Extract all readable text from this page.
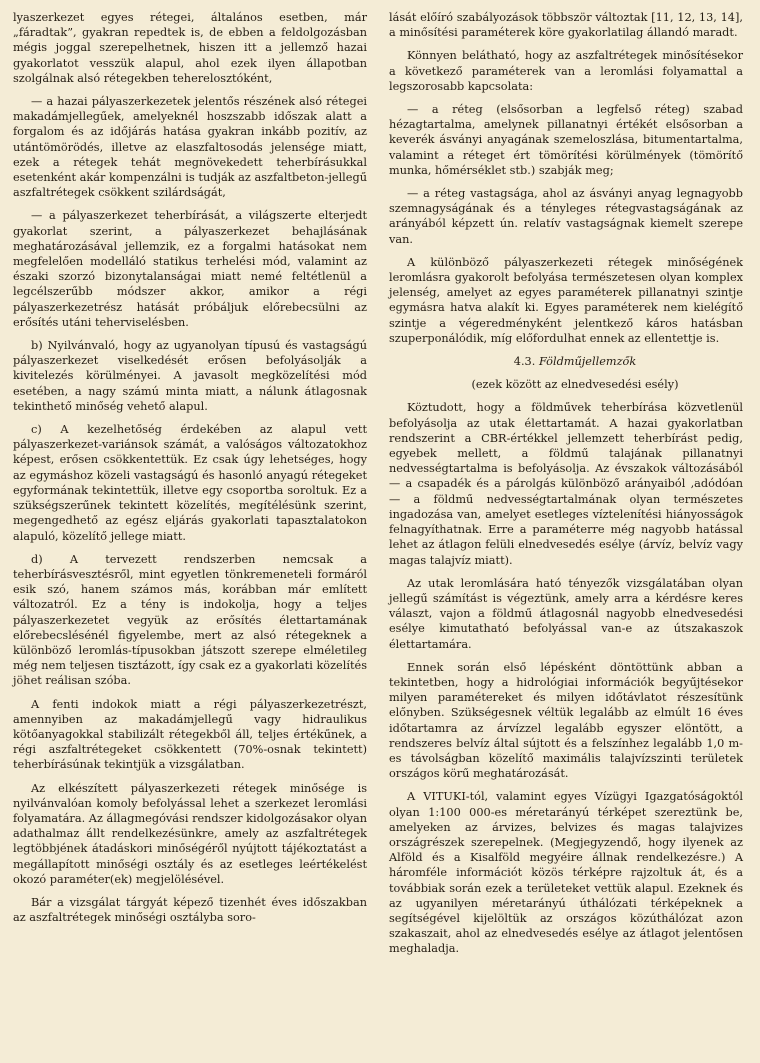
lyaszerkezet egyes rétegei, általános esetben, már „fáradtak”, gyakran repedtek is, de ebben a feldolgozásban mégis joggal szerepelhetnek, hiszen itt a jellemző hazai gyakorlatot vesszük alapul, ahol ezek ilyen állapotban szolgálnak alsó rétegekben teherelosztóként,

— a hazai pályaszerkezetek jelentős részének alsó rétegei makadámjellegűek, amelyeknél hoszszabb időszak alatt a forgalom és az időjárás hatása gyakran inkább pozitív, az utántömörödés, illetve az elaszfaltosodás jelensége miatt, ezek a rétegek tehát megnövekedett teherbírásukkal esetenként akár kompenzálni is tudják az aszfaltbeton-jellegű aszfaltrétegek csökkent szilárdságát,

— a pályaszerkezet teherbírását, a világszerte elterjedt gyakorlat szerint, a pályaszerkezet behajlásának meghatározásával jellemzik, ez a forgalmi hatásokat nem megfelelően modelláló statikus terhelési mód, valamint az északi szorzó bizonytalanságai miatt nemé feltétlenül a legcélszerűbb módszer akkor, amikor a régi pályaszerkezetrész hatását próbáljuk előrebecsülni az erősítés utáni teherviselésben.

b) Nyilvánvaló, hogy az ugyanolyan típusú és vastagságú pályaszerkezet viselkedését erősen befolyásolják a kivitelezés körülményei. A javasolt megközelítési mód esetében, a nagy számú minta miatt, a nálunk átlagosnak tekinthető minőség vehető alapul.

c) A kezelhetőség érdekében az alapul vett pályaszerkezet-variánsok számát, a valóságos változatokhoz képest, erősen csökkentettük. Ez csak úgy lehetséges, hogy az egymáshoz közeli vastagságú és hasonló anyagú rétegeket egyformának tekintettük, illetve egy csoportba soroltuk. Ez a szükségszerűnek tekintett közelítés, megítélésünk szerint, megengedhető az egész eljárás gyakorlati tapasztalatokon alapuló, közelítő jellege miatt.

d) A tervezett rendszerben nemcsak a teherbírásvesztésről, mint egyetlen tönkremeneteli formáról esik szó, hanem számos más, korábban már említett változatról. Ez a tény is indokolja, hogy a teljes pályaszerkezetet vegyük az erősítés élettartamának előrebecslésénél figyelembe, mert az alsó rétegeknek a különböző leromlás-típusokban játszott szerepe elméletileg még nem teljesen tisztázott, így csak ez a gyakorlati közelítés jöhet reálisan szóba.

A fenti indokok miatt a régi pályaszerkezetrészt, amennyiben az makadámjellegű vagy hidraulikus kötőanyagokkal stabilizált rétegekből áll, teljes értékűnek, a régi aszfaltrétegeket csökkentett (70%-osnak tekintett) teherbírásúnak tekintjük a vizsgálatban.

Az elkészített pályaszerkezeti rétegek minősége is nyilvánvalóan komoly befolyással lehet a szerkezet leromlási folyamatára. Az állagmegóvási rendszer kidolgozásakor olyan adathalmaz állt rendelkezésünkre, amely az aszfaltrétegek legtöbbjének átadáskori minőségéről nyújtott tájékoztatást a megállapított minőségi osztály és az esetleges leértékelést okozó paraméter(ek) megjelölésével.

Bár a vizsgálat tárgyát képező tizenhét éves időszakban az aszfaltrétegek minőségi osztályba soro-

lását előíró szabályozások többször változtak [11, 12, 13, 14], a minősítési paraméterek köre gyakorlatilag állandó maradt.

Könnyen belátható, hogy az aszfaltrétegek minősítésekor a következő paraméterek van a leromlási folyamattal a legszorosabb kapcsolata:

— a réteg (elsősorban a legfelső réteg) szabad hézagtartalma, amelynek pillanatnyi értékét elsősorban a keverék ásványi anyagának szemeloszlása, bitumentartalma, valamint a réteget ért tömörítési körülmények (tömörítő munka, hőmérséklet stb.) szabják meg;

— a réteg vastagsága, ahol az ásványi anyag legnagyobb szemnagyságának és a tényleges rétegvastagságának az arányából képzett ún. relatív vastagságnak kiemelt szerepe van.

A különböző pályaszerkezeti rétegek minőségének leromlásra gyakorolt befolyása természetesen olyan komplex jelenség, amelyet az egyes paraméterek pillanatnyi szintje egymásra hatva alakít ki. Egyes paraméterek nem kielégítő szintje a végeredményként jelentkező káros hatásban szuperponálódik, míg előfordulhat ennek az ellentettje is.

4.3. Földműjellemzők

(ezek között az elnedvesedési esély)

Köztudott, hogy a földművek teherbírása közvetlenül befolyásolja az utak élettartamát. A hazai gyakorlatban rendszerint a CBR-értékkel jellemzett teherbírást pedig, egyebek mellett, a földmű talajának pillanatnyi nedvességtartalma is befolyásolja. Az évszakok változásából — a csapadék és a párolgás különböző arányaiból ,adódóan — a földmű nedvességtartalmának olyan természetes ingadozása van, amelyet esetleges víztelenítési hiányosságok felnagyíthatnak. Erre a paraméterre még nagyobb hatással lehet az átlagon felüli elnedvesedés esélye (árvíz, belvíz vagy magas talajvíz miatt).

Az utak leromlására ható tényezők vizsgálatában olyan jellegű számítást is végeztünk, amely arra a kérdésre keres választ, vajon a földmű átlagosnál nagyobb elnedvesedési esélye kimutatható befolyással van-e az útszakaszok élettartamára.

Ennek során első lépésként döntöttünk abban a tekintetben, hogy a hidrológiai információk begyűjtésekor milyen paramétereket és milyen időtávlatot részesítünk előnyben. Szükségesnek véltük legalább az elmúlt 16 éves időtartamra az árvízzel legalább egyszer elöntött, a rendszeres belvíz által sújtott és a felszínhez legalább 1,0 m-es távolságban közelítő maximális talajvízszinti területek országos körű meghatározását.

A VITUKI-tól, valamint egyes Vízügyi Igazgatóságoktól olyan 1:100 000-es méretarányú térképet szereztünk be, amelyeken az árvizes, belvizes és magas talajvizes országrészek szerepelnek. (Megjegyzendő, hogy ilyenek az Alföld és a Kisalföld megyéire állnak rendelkezésre.) A háromféle információt közös térképre rajzoltuk át, és a továbbiak során ezek a területeket vettük alapul. Ezeknek és az ugyanilyen méretarányú úthálózati térképeknek a segítségével kijelöltük az országos közúthálózat azon szakaszait, ahol az elnedvesedés esélye az átlagot jelentősen meghaladja.
